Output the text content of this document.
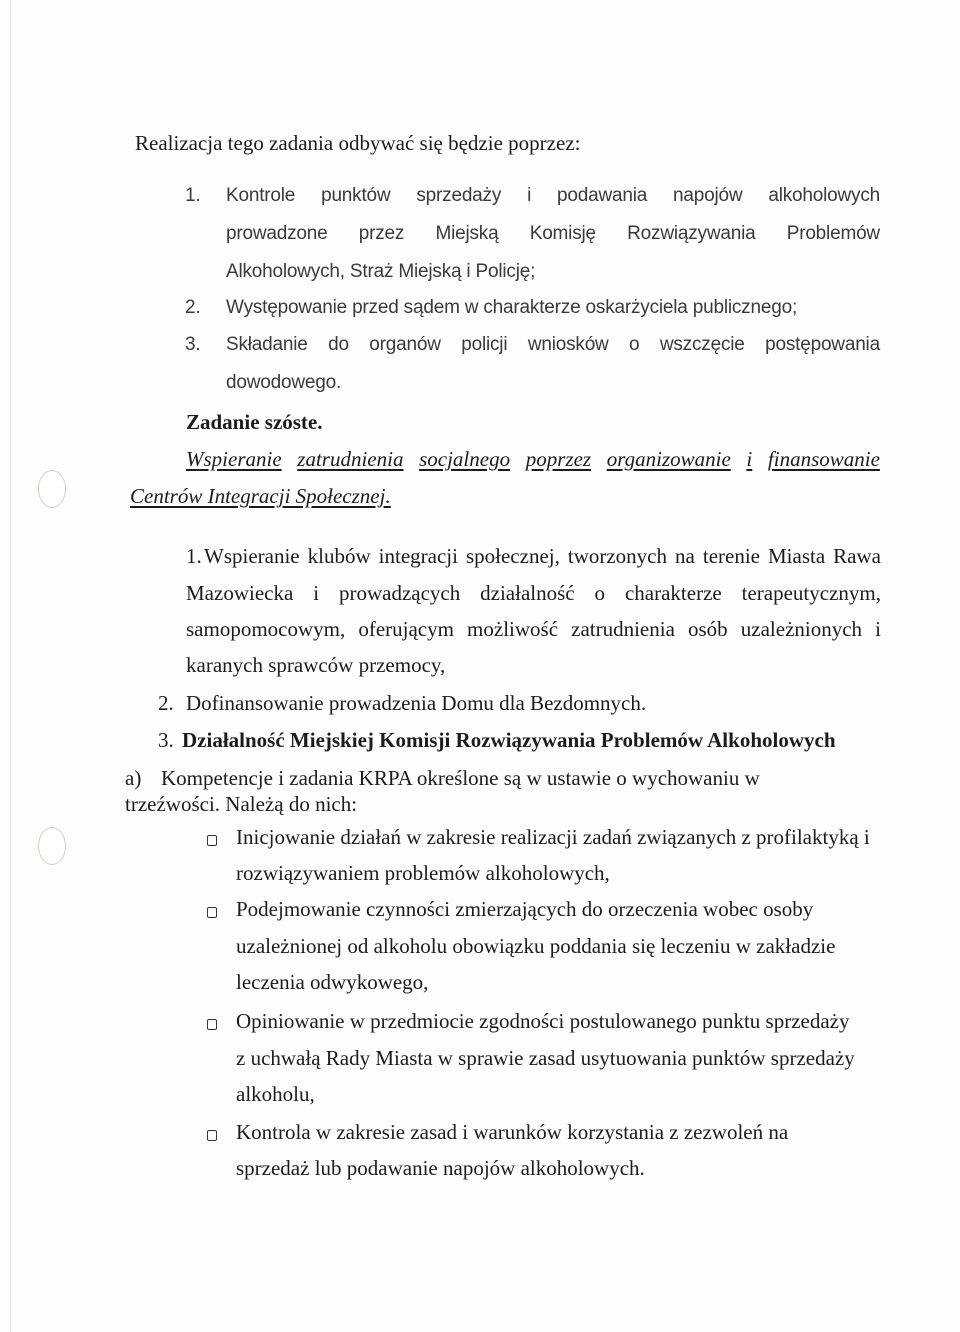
Realizacja tego zadania odbywać się będzie poprzez:
1. Kontrole punktów sprzedaży i podawania napojów alkoholowych
prowadzone przez Miejską Komisję Rozwiązywania Problemów
Alkoholowych, Straż Miejską i Policję;
2. Występowanie przed sądem w charakterze oskarżyciela publicznego;
3. Składanie do organów policji wniosków o wszczęcie postępowania
dowodowego.
Zadanie szóste.
Wspieranie zatrudnienia socjalnego poprzez organizowanie i finansowanie
Centrów Integracji Społecznej.
1. Wspieranie klubów integracji społecznej, tworzonych na terenie Miasta Rawa
Mazowiecka i prowadzących działalność o charakterze terapeutycznym,
samopomocowym, oferującym możliwość zatrudnienia osób uzależnionych i
karanych sprawców przemocy,
2. Dofinansowanie prowadzenia Domu dla Bezdomnych.
3. Działalność Miejskiej Komisji Rozwiązywania Problemów Alkoholowych
a) Kompetencje i zadania KRPA określone są w ustawie o wychowaniu w
trzeźwości. Należą do nich:
Inicjowanie działań w zakresie realizacji zadań związanych z profilaktyką i
rozwiązywaniem problemów alkoholowych,
Podejmowanie czynności zmierzających do orzeczenia wobec osoby
uzależnionej od alkoholu obowiązku poddania się leczeniu w zakładzie
leczenia odwykowego,
Opiniowanie w przedmiocie zgodności postulowanego punktu sprzedaży
z uchwałą Rady Miasta w sprawie zasad usytuowania punktów sprzedaży
alkoholu,
Kontrola w zakresie zasad i warunków korzystania z zezwoleń na
sprzedaż lub podawanie napojów alkoholowych.
